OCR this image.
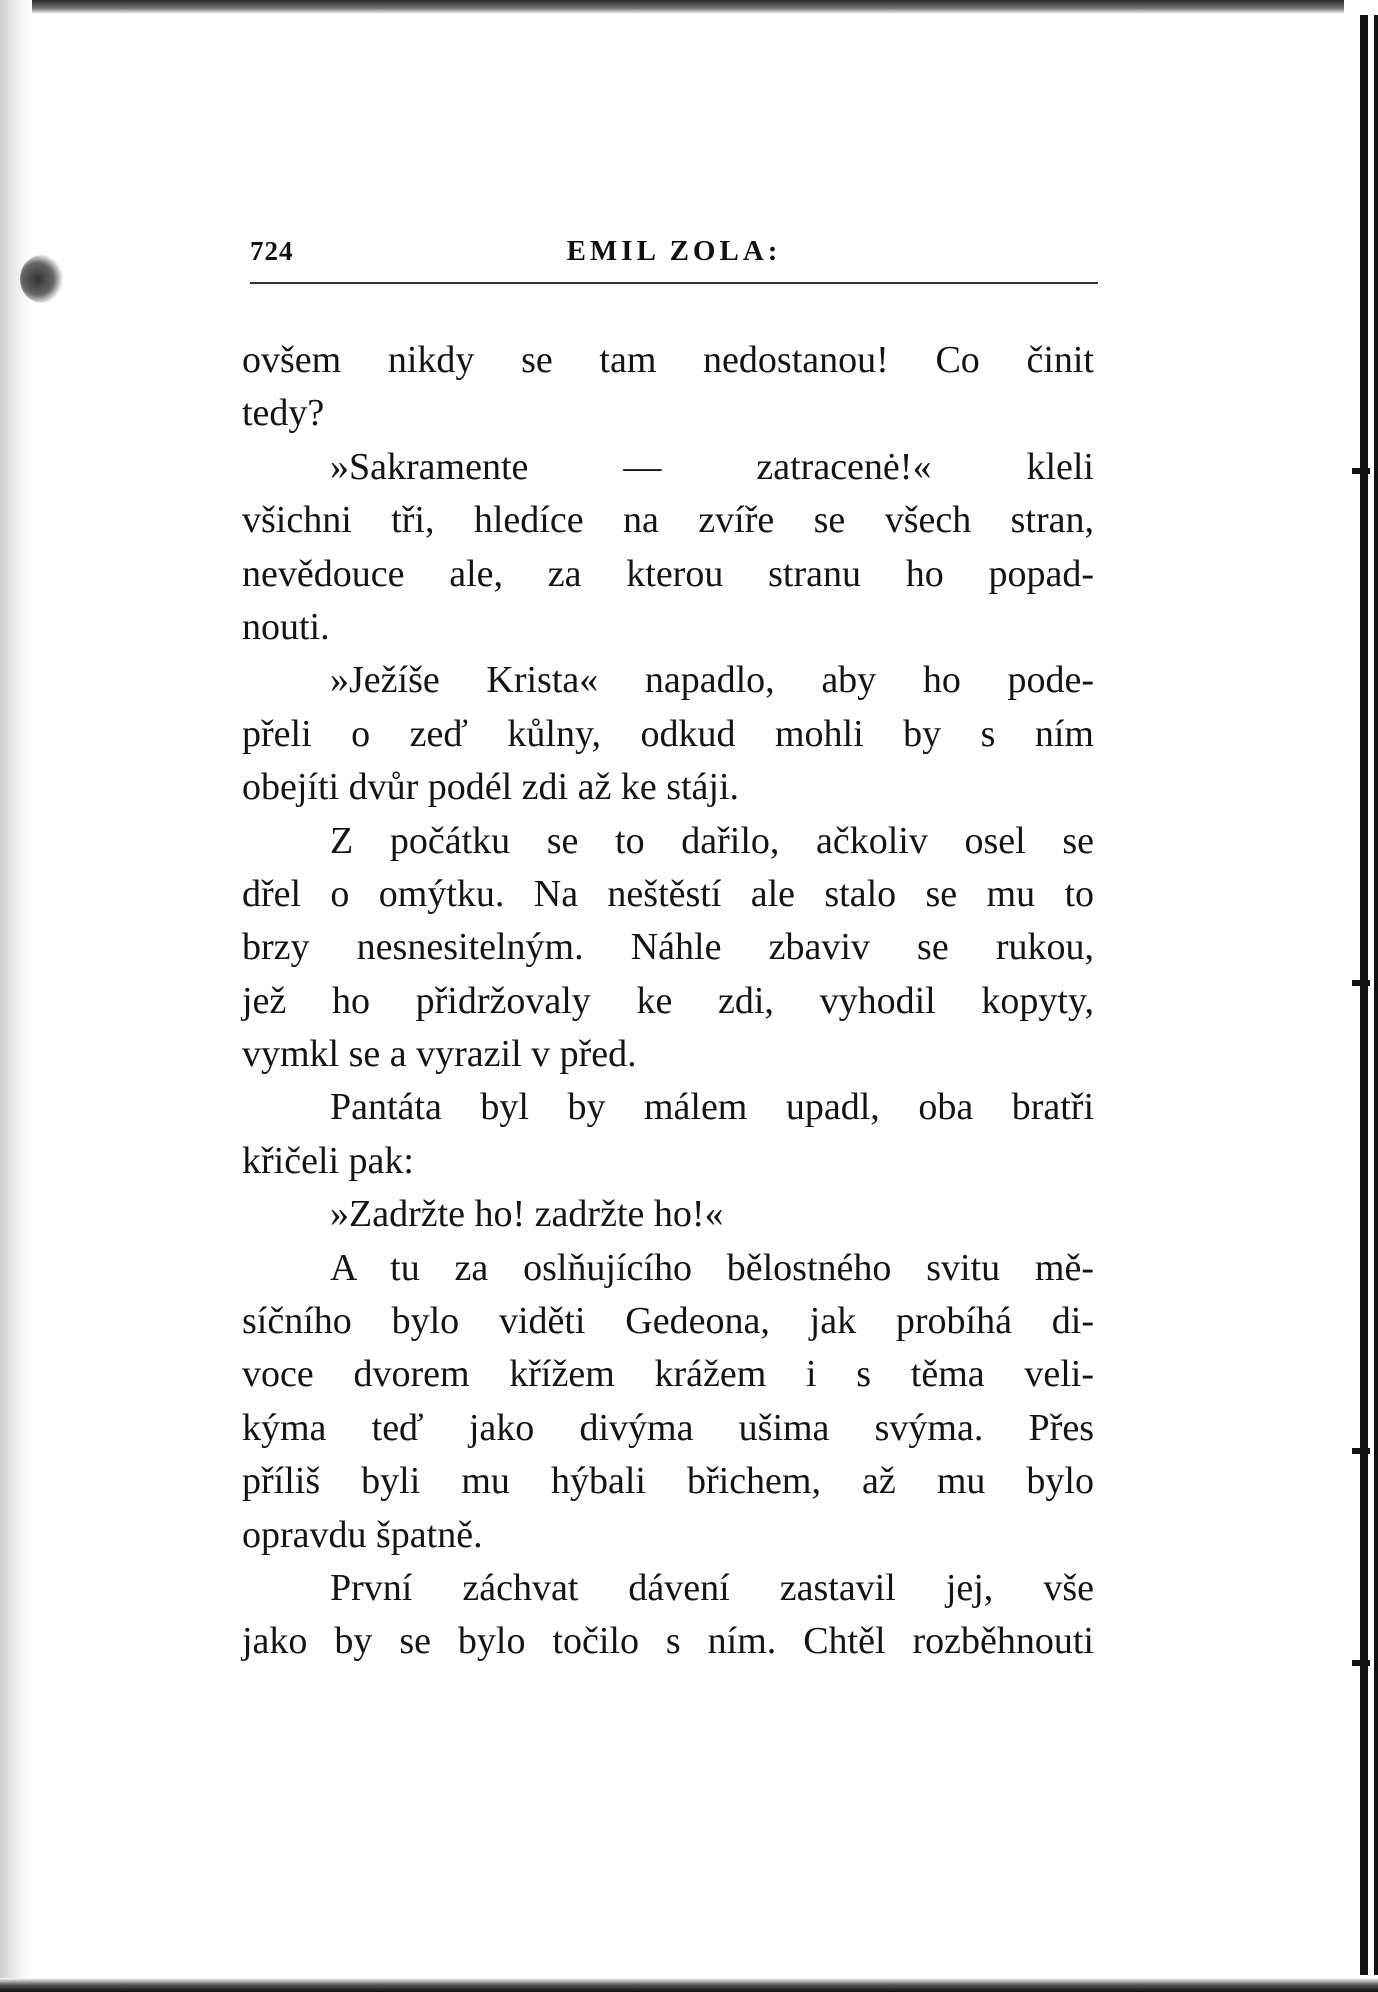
724	EMIL ZOLA:
ovšem nikdy se tam nedostanou! Co činit
tedy?
»Sakramente — zatracenė!« kleli
všichni tři, hledíce na zvíře se všech stran,
nevědouce ale, za kterou stranu ho popad-
nouti.
»Ježíše Krista« napadlo, aby ho pode-
přeli o zeď kůlny, odkud mohli by s ním
obejíti dvůr podél zdi až ke stáji.
Z počátku se to dařilo, ačkoliv osel se
dřel o omýtku. Na neštěstí ale stalo se mu to
brzy nesnesitelným. Náhle zbaviv se rukou,
jež ho přidržovaly ke zdi, vyhodil kopyty,
vymkl se a vyrazil v před.
Pantáta byl by málem upadl, oba bratři
křičeli pak:
»Zadržte ho! zadržte ho!«
A tu za oslňujícího bělostného svitu mě-
síčního bylo viděti Gedeona, jak probíhá di-
voce dvorem křížem krážem i s těma veli-
kýma teď jako divýma ušima svýma. Přes
příliš byli mu hýbali břichem, až mu bylo
opravdu špatně.
První záchvat dávení zastavil jej, vše
jako by se bylo točilo s ním. Chtěl rozběhnouti
